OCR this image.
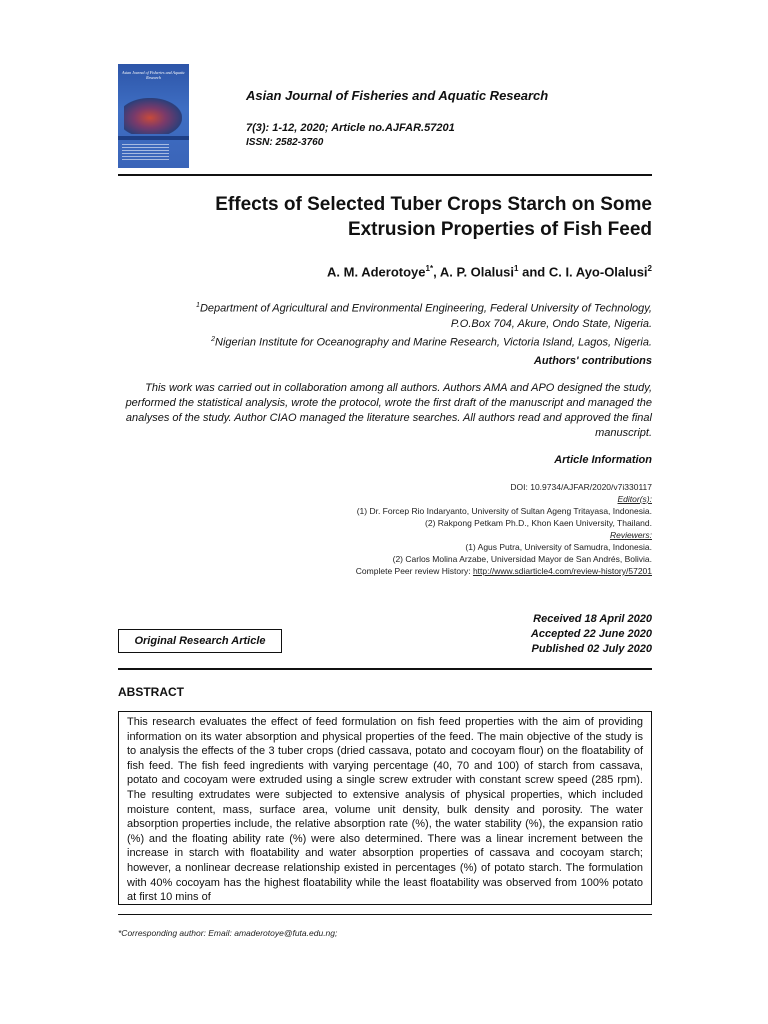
Asian Journal of Fisheries and Aquatic Research
Asian Journal of Fisheries and Aquatic Research
7(3): 1-12, 2020; Article no.AJFAR.57201
ISSN: 2582-3760
Effects of Selected Tuber Crops Starch on Some
Extrusion Properties of Fish Feed
A. M. Aderotoye$^{1*}$, A. P. Olalusi$^1$ and C. I. Ayo-Olalusi$^2$
$^1$Department of Agricultural and Environmental Engineering, Federal University of Technology,
P.O.Box 704, Akure, Ondo State, Nigeria.
$^2$Nigerian Institute for Oceanography and Marine Research, Victoria Island, Lagos, Nigeria.
Authors' contributions
This work was carried out in collaboration among all authors. Authors AMA and APO designed the study, performed the statistical analysis, wrote the protocol, wrote the first draft of the manuscript and managed the analyses of the study. Author CIAO managed the literature searches. All authors read and approved the final manuscript.
Article Information
DOI: 10.9734/AJFAR/2020/v7i330117
Editor(s):
(1) Dr. Forcep Rio Indaryanto, University of Sultan Ageng Tritayasa, Indonesia.
(2) Rakpong Petkam Ph.D., Khon Kaen University, Thailand.
Reviewers:
(1) Agus Putra, University of Samudra, Indonesia.
(2) Carlos Molina Arzabe, Universidad Mayor de San Andrés, Bolivia.
Complete Peer review History: http://www.sdiarticle4.com/review-history/57201
Original Research Article
Received 18 April 2020
Accepted 22 June 2020
Published 02 July 2020
ABSTRACT
This research evaluates the effect of feed formulation on fish feed properties with the aim of providing information on its water absorption and physical properties of the feed. The main objective of the study is to analysis the effects of the 3 tuber crops (dried cassava, potato and cocoyam flour) on the floatability of fish feed. The fish feed ingredients with varying percentage (40, 70 and 100) of starch from cassava, potato and cocoyam were extruded using a single screw extruder with constant screw speed (285 rpm). The resulting extrudates were subjected to extensive analysis of physical properties, which included moisture content, mass, surface area, volume unit density, bulk density and porosity. The water absorption properties include, the relative absorption rate (%), the water stability (%), the expansion ratio (%) and the floating ability rate (%) were also determined. There was a linear increment between the increase in starch with floatability and water absorption properties of cassava and cocoyam starch; however, a nonlinear decrease relationship existed in percentages (%) of potato starch. The formulation with 40% cocoyam has the highest floatability while the least floatability was observed from 100% potato at first 10 mins of
*Corresponding author: Email: amaderotoye@futa.edu.ng;
